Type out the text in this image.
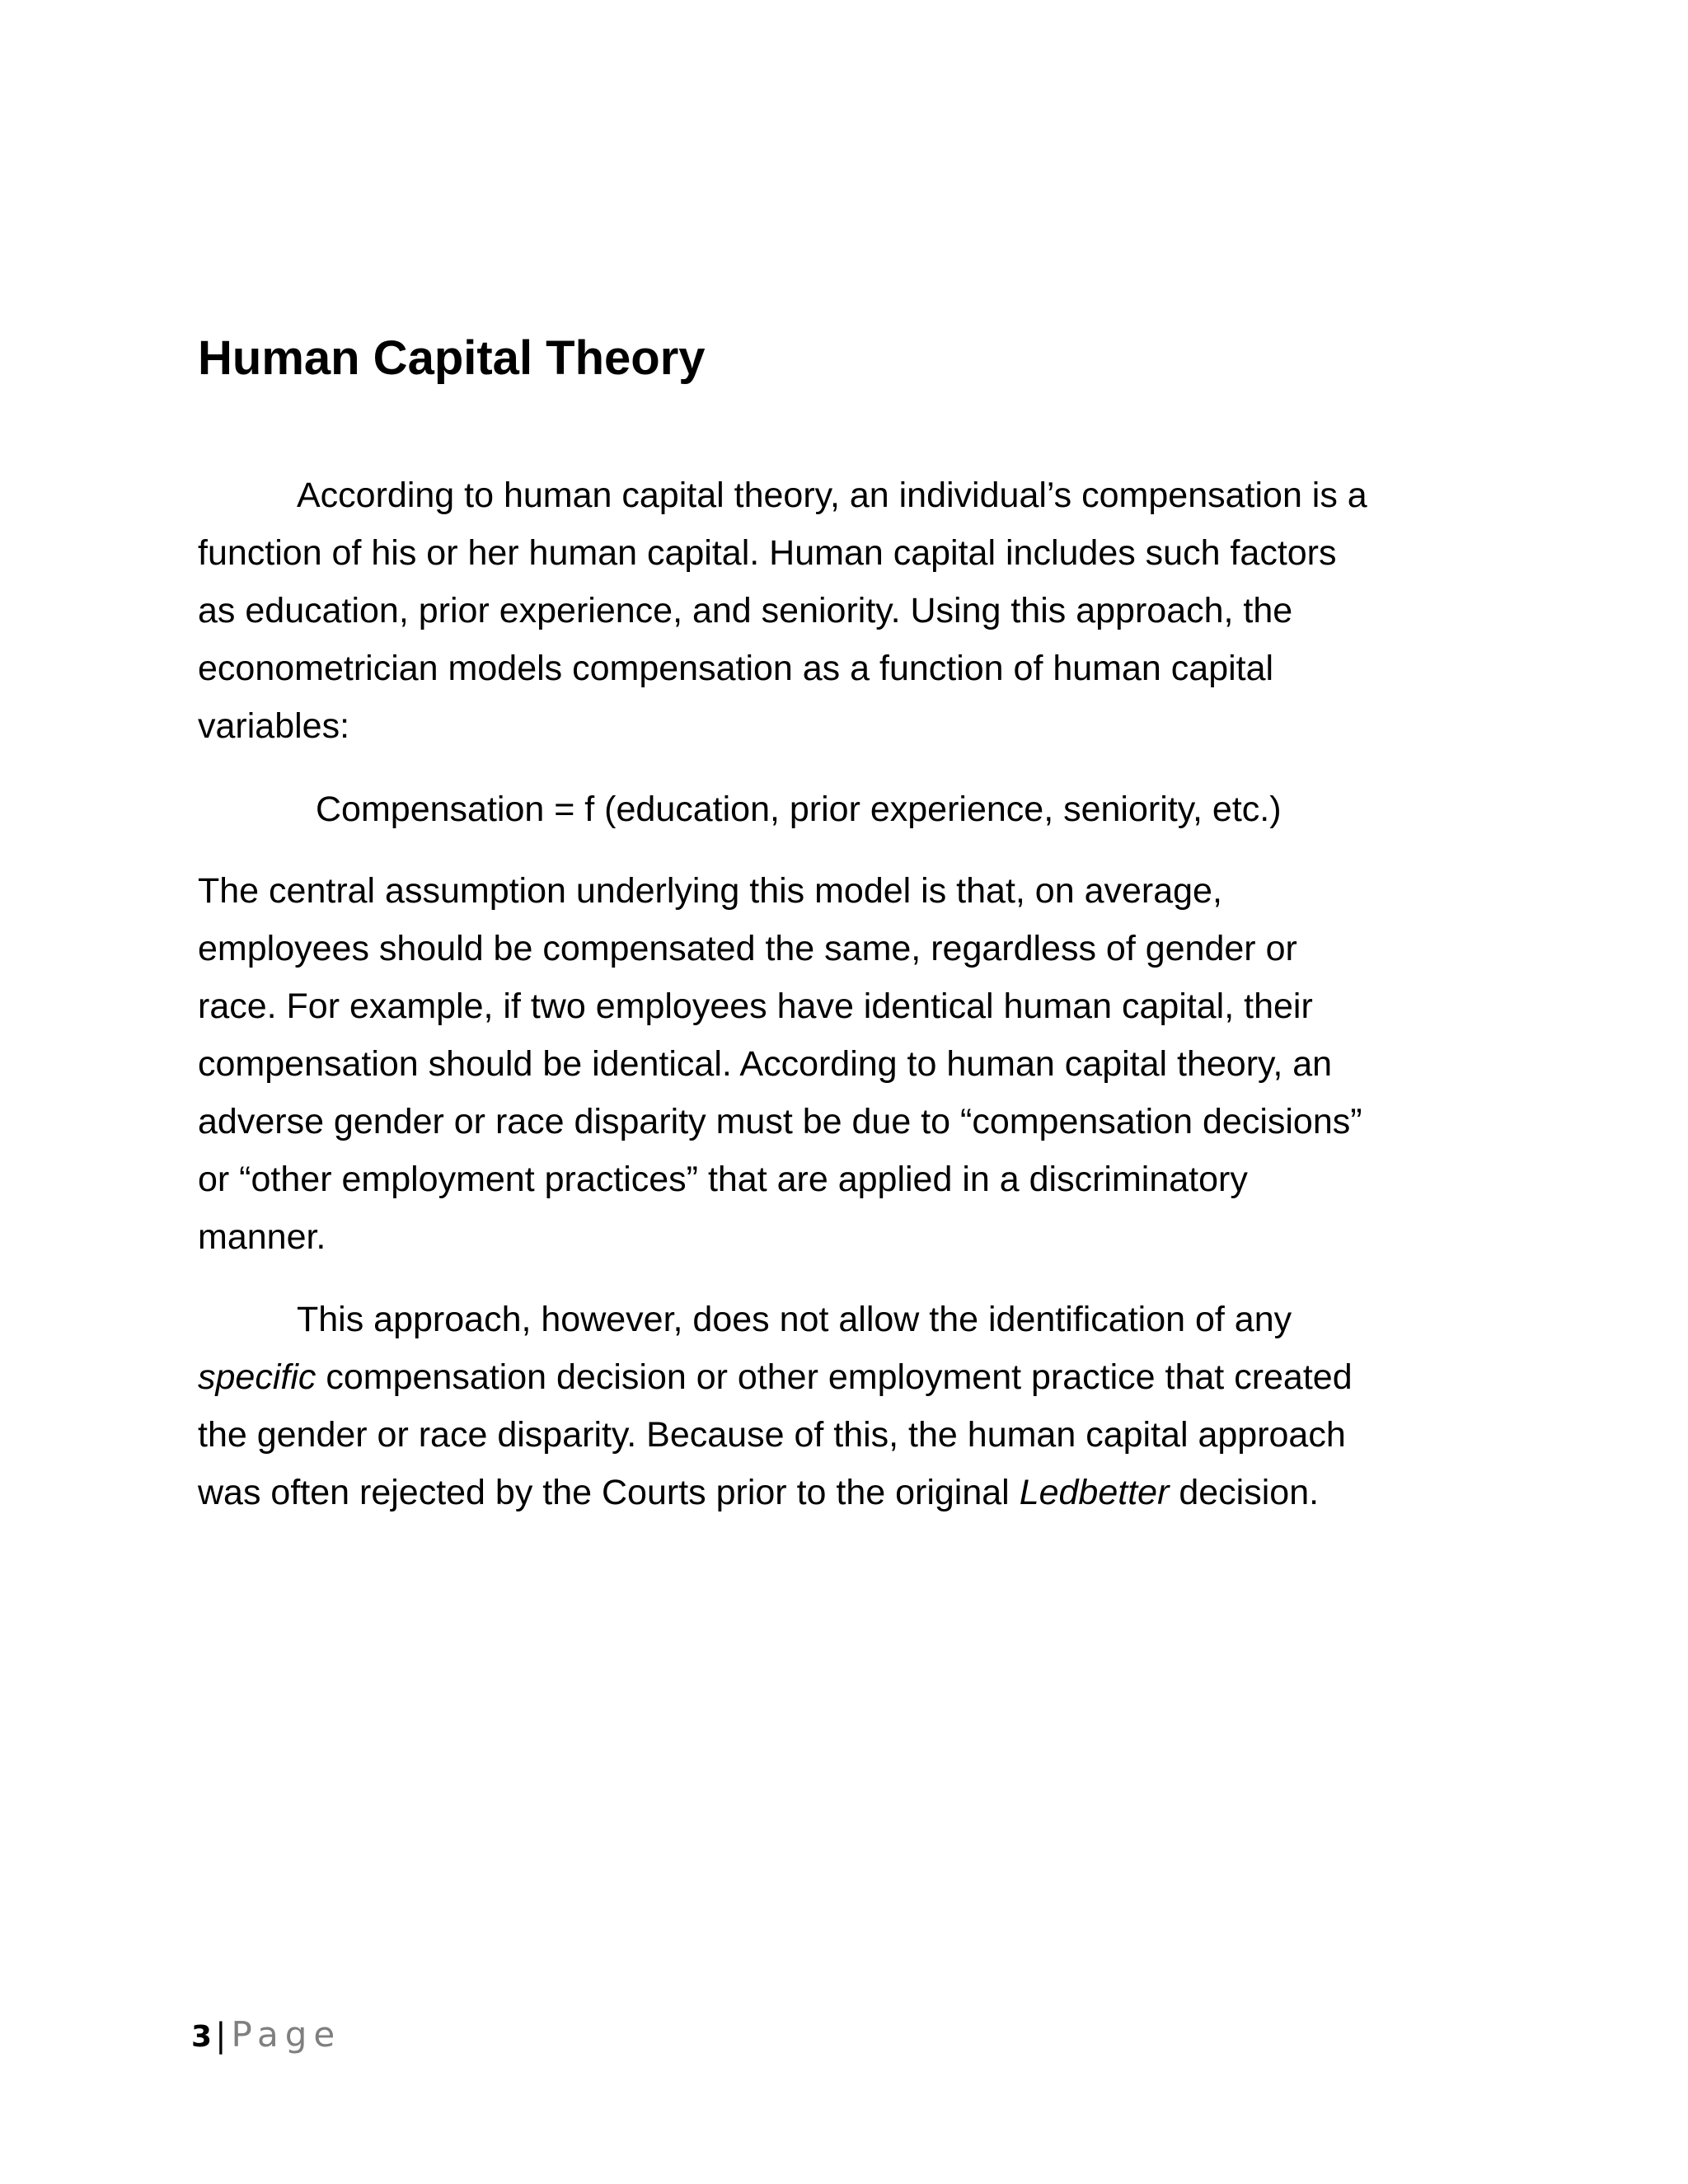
Human Capital Theory

According to human capital theory, an individual’s compensation is a
function of his or her human capital. Human capital includes such factors
as education, prior experience, and seniority. Using this approach, the
econometrician models compensation as a function of human capital
variables:

Compensation = f (education, prior experience, seniority, etc.)

The central assumption underlying this model is that, on average,
employees should be compensated the same, regardless of gender or
race. For example, if two employees have identical human capital, their
compensation should be identical. According to human capital theory, an
adverse gender or race disparity must be due to “compensation decisions”
or “other employment practices” that are applied in a discriminatory
manner.

This approach, however, does not allow the identification of any
specific compensation decision or other employment practice that created
the gender or race disparity. Because of this, the human capital approach
was often rejected by the Courts prior to the original Ledbetter decision.

3 | Page
